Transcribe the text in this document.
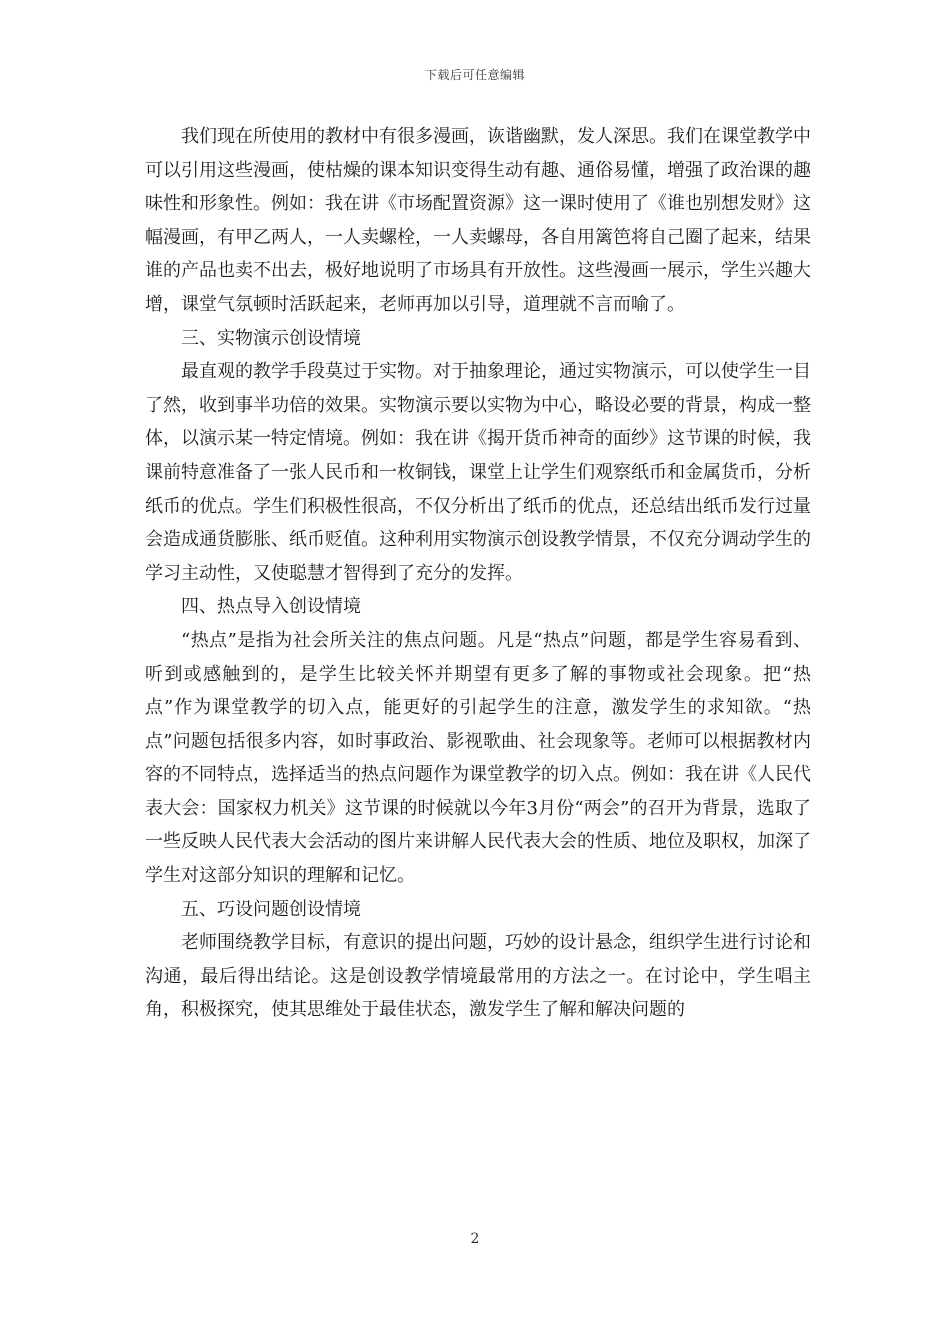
下载后可任意编辑

我们现在所使用的教材中有很多漫画，诙谐幽默，发人深思。我们在课堂教学中可以引用这些漫画，使枯燥的课本知识变得生动有趣、通俗易懂，增强了政治课的趣味性和形象性。例如：我在讲《市场配置资源》这一课时使用了《谁也别想发财》这幅漫画，有甲乙两人，一人卖螺栓，一人卖螺母，各自用篱笆将自己圈了起来，结果谁的产品也卖不出去，极好地说明了市场具有开放性。这些漫画一展示，学生兴趣大增，课堂气氛顿时活跃起来，老师再加以引导，道理就不言而喻了。

三、实物演示创设情境

最直观的教学手段莫过于实物。对于抽象理论，通过实物演示，可以使学生一目了然，收到事半功倍的效果。实物演示要以实物为中心，略设必要的背景，构成一整体，以演示某一特定情境。例如：我在讲《揭开货币神奇的面纱》这节课的时候，我课前特意准备了一张人民币和一枚铜钱，课堂上让学生们观察纸币和金属货币，分析纸币的优点。学生们积极性很高，不仅分析出了纸币的优点，还总结出纸币发行过量会造成通货膨胀、纸币贬值。这种利用实物演示创设教学情景，不仅充分调动学生的学习主动性，又使聪慧才智得到了充分的发挥。

四、热点导入创设情境

“热点”是指为社会所关注的焦点问题。凡是“热点”问题，都是学生容易看到、听到或感触到的，是学生比较关怀并期望有更多了解的事物或社会现象。把“热点”作为课堂教学的切入点，能更好的引起学生的注意，激发学生的求知欲。“热点”问题包括很多内容，如时事政治、影视歌曲、社会现象等。老师可以根据教材内容的不同特点，选择适当的热点问题作为课堂教学的切入点。例如：我在讲《人民代表大会：国家权力机关》这节课的时候就以今年3月份“两会”的召开为背景，选取了一些反映人民代表大会活动的图片来讲解人民代表大会的性质、地位及职权，加深了学生对这部分知识的理解和记忆。

五、巧设问题创设情境

老师围绕教学目标，有意识的提出问题，巧妙的设计悬念，组织学生进行讨论和沟通，最后得出结论。这是创设教学情境最常用的方法之一。在讨论中，学生唱主角，积极探究，使其思维处于最佳状态，激发学生了解和解决问题的

2
